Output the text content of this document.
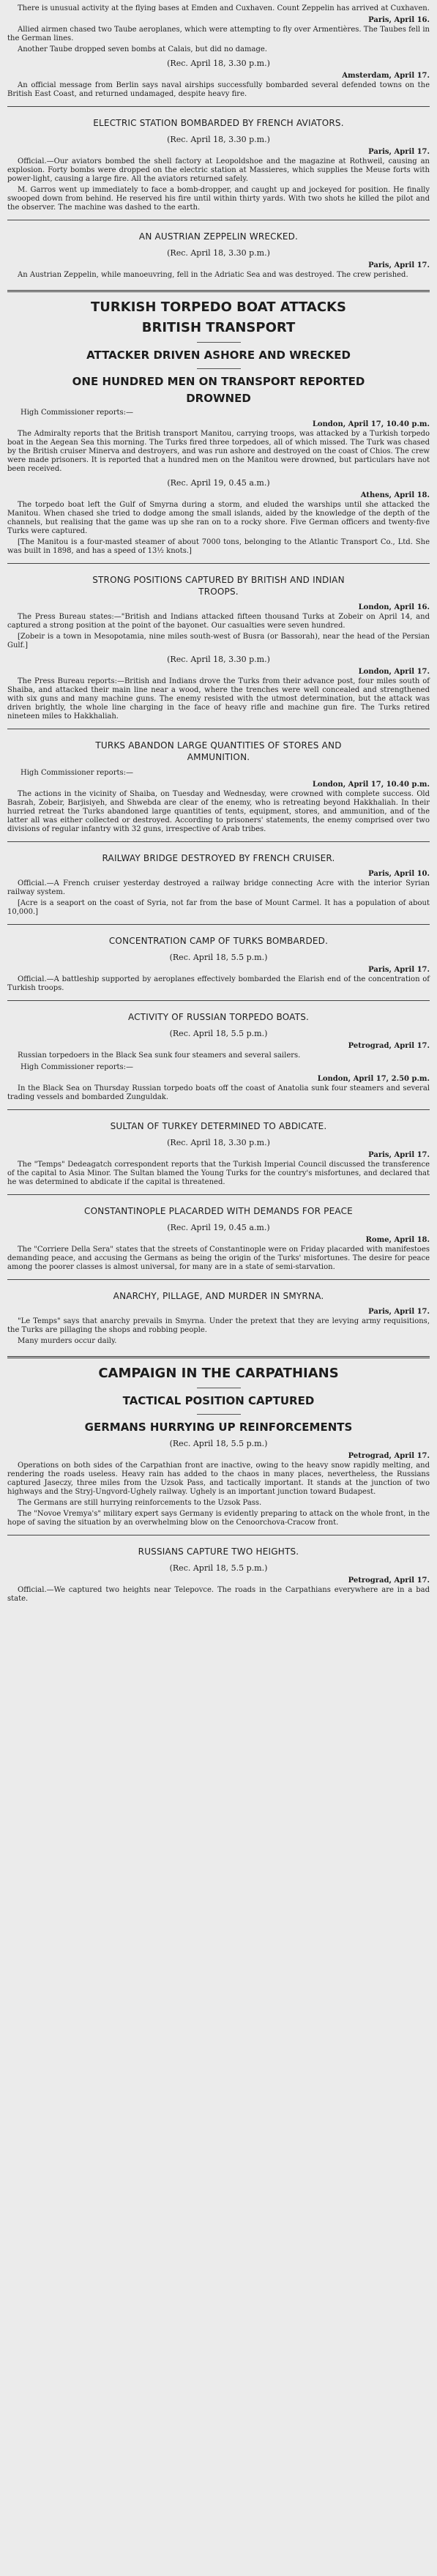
There is unusual activity at the flying bases at Emden and Cuxhaven. Count Zeppelin has arrived at Cuxhaven.

Paris, April 16.

Allied airmen chased two Taube aeroplanes, which were attempting to fly over Armentières. The Taubes fell in the German lines.

Another Taube dropped seven bombs at Calais, but did no damage.

(Rec. April 18, 3.30 p.m.)
Amsterdam, April 17.

An official message from Berlin says naval airships successfully bombarded several defended towns on the British East Coast, and returned undamaged, despite heavy fire.

ELECTRIC STATION BOMBARDED BY FRENCH AVIATORS.
(Rec. April 18, 3.30 p.m.)
Paris, April 17.

Official.—Our aviators bombed the shell factory at Leopoldshoe and the magazine at Rothweil, causing an explosion. Forty bombs were dropped on the electric station at Massieres, which supplies the Meuse forts with power-light, causing a large fire. All the aviators returned safely.

M. Garros went up immediately to face a bomb-dropper, and caught up and jockeyed for position. He finally swooped down from behind. He reserved his fire until within thirty yards. With two shots he killed the pilot and the observer. The machine was dashed to the earth.

AN AUSTRIAN ZEPPELIN WRECKED.
(Rec. April 18, 3.30 p.m.)
Paris, April 17.

An Austrian Zeppelin, while manoeuvring, fell in the Adriatic Sea and was destroyed. The crew perished.

TURKISH TORPEDO BOAT ATTACKS
BRITISH TRANSPORT
ATTACKER DRIVEN ASHORE AND WRECKED
ONE HUNDRED MEN ON TRANSPORT REPORTED
DROWNED
High Commissioner reports:—
London, April 17, 10.40 p.m.

The Admiralty reports that the British transport Manitou, carrying troops, was attacked by a Turkish torpedo boat in the Aegean Sea this morning. The Turks fired three torpedoes, all of which missed. The Turk was chased by the British cruiser Minerva and destroyers, and was run ashore and destroyed on the coast of Chios. The crew were made prisoners. It is reported that a hundred men on the Manitou were drowned, but particulars have not been received.

(Rec. April 19, 0.45 a.m.)
Athens, April 18.

The torpedo boat left the Gulf of Smyrna during a storm, and eluded the warships until she attacked the Manitou. When chased she tried to dodge among the small islands, aided by the knowledge of the depth of the channels, but realising that the game was up she ran on to a rocky shore. Five German officers and twenty-five Turks were captured.

[The Manitou is a four-masted steamer of about 7000 tons, belonging to the Atlantic Transport Co., Ltd. She was built in 1898, and has a speed of 13½ knots.]

STRONG POSITIONS CAPTURED BY BRITISH AND INDIAN
TROOPS.
London, April 16.

The Press Bureau states:—"British and Indians attacked fifteen thousand Turks at Zobeir on April 14, and captured a strong position at the point of the bayonet. Our casualties were seven hundred.

[Zobeir is a town in Mesopotamia, nine miles south-west of Busra (or Bassorah), near the head of the Persian Gulf.]

(Rec. April 18, 3.30 p.m.)
London, April 17.

The Press Bureau reports:—British and Indians drove the Turks from their advance post, four miles south of Shaiba, and attacked their main line near a wood, where the trenches were well concealed and strengthened with six guns and many machine guns. The enemy resisted with the utmost determination, but the attack was driven brightly, the whole line charging in the face of heavy rifle and machine gun fire. The Turks retired nineteen miles to Hakkhaliah.

TURKS ABANDON LARGE QUANTITIES OF STORES AND
AMMUNITION.
High Commissioner reports:—
London, April 17, 10.40 p.m.

The actions in the vicinity of Shaiba, on Tuesday and Wednesday, were crowned with complete success. Old Basrah, Zobeir, Barjisiyeh, and Shwebda are clear of the enemy, who is retreating beyond Hakkhaliah. In their hurried retreat the Turks abandoned large quantities of tents, equipment, stores, and ammunition, and of the latter all was either collected or destroyed. According to prisoners' statements, the enemy comprised over two divisions of regular infantry with 32 guns, irrespective of Arab tribes.

RAILWAY BRIDGE DESTROYED BY FRENCH CRUISER.
Paris, April 10.

Official.—A French cruiser yesterday destroyed a railway bridge connecting Acre with the interior Syrian railway system.

[Acre is a seaport on the coast of Syria, not far from the base of Mount Carmel. It has a population of about 10,000.]

CONCENTRATION CAMP OF TURKS BOMBARDED.
(Rec. April 18, 5.5 p.m.)
Paris, April 17.

Official.—A battleship supported by aeroplanes effectively bombarded the Elarish end of the concentration of Turkish troops.

ACTIVITY OF RUSSIAN TORPEDO BOATS.
(Rec. April 18, 5.5 p.m.)
Petrograd, April 17.

Russian torpedoers in the Black Sea sunk four steamers and several sailers.

High Commissioner reports:—
London, April 17, 2.50 p.m.

In the Black Sea on Thursday Russian torpedo boats off the coast of Anatolia sunk four steamers and several trading vessels and bombarded Zunguldak.

SULTAN OF TURKEY DETERMINED TO ABDICATE.
(Rec. April 18, 3.30 p.m.)
Paris, April 17.

The "Temps" Dedeagatch correspondent reports that the Turkish Imperial Council discussed the transference of the capital to Asia Minor. The Sultan blamed the Young Turks for the country's misfortunes, and declared that he was determined to abdicate if the capital is threatened.

CONSTANTINOPLE PLACARDED WITH DEMANDS FOR PEACE
(Rec. April 19, 0.45 a.m.)
Rome, April 18.

The "Corriere Della Sera" states that the streets of Constantinople were on Friday placarded with manifestoes demanding peace, and accusing the Germans as being the origin of the Turks' misfortunes. The desire for peace among the poorer classes is almost universal, for many are in a state of semi-starvation.

ANARCHY, PILLAGE, AND MURDER IN SMYRNA.
Paris, April 17.

"Le Temps" says that anarchy prevails in Smyrna. Under the pretext that they are levying army requisitions, the Turks are pillaging the shops and robbing people.

Many murders occur daily.

CAMPAIGN IN THE CARPATHIANS
TACTICAL POSITION CAPTURED
GERMANS HURRYING UP REINFORCEMENTS
(Rec. April 18, 5.5 p.m.)
Petrograd, April 17.

Operations on both sides of the Carpathian front are inactive, owing to the heavy snow rapidly melting, and rendering the roads useless. Heavy rain has added to the chaos in many places, nevertheless, the Russians captured Jaseczy, three miles from the Uzsok Pass, and tactically important. It stands at the junction of two highways and the Stryj-Ungvord-Ughely railway. Ughely is an important junction toward Budapest.

The Germans are still hurrying reinforcements to the Uzsok Pass.

The "Novoe Vremya's" military expert says Germany is evidently preparing to attack on the whole front, in the hope of saving the situation by an overwhelming blow on the Cenoorchova-Cracow front.

RUSSIANS CAPTURE TWO HEIGHTS.
(Rec. April 18, 5.5 p.m.)
Petrograd, April 17.

Official.—We captured two heights near Telepovce. The roads in the Carpathians everywhere are in a bad state.
